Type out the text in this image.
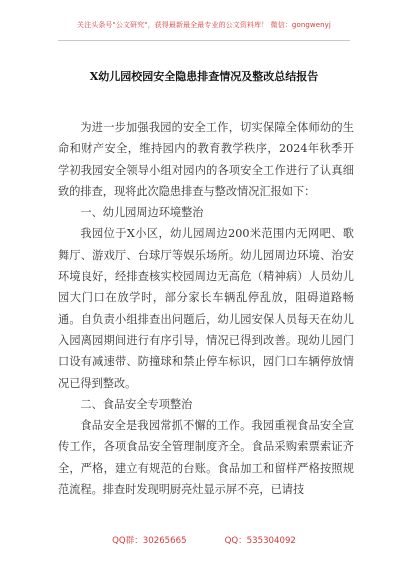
关注头条号"公文研究"，获得最新最全最专业的公文资料库！ 微信：gongwenyj
X幼儿园校园安全隐患排查情况及整改总结报告

为进一步加强我园的安全工作，切实保障全体师幼的生命和财产安全，维持园内的教育教学秩序，2024年秋季开学初我园安全领导小组对园内的各项安全工作进行了认真细致的排查，现将此次隐患排查与整改情况汇报如下：

一、幼儿园周边环境整治

我园位于X小区，幼儿园周边200米范围内无网吧、歌舞厅、游戏厅、台球厅等娱乐场所。幼儿园周边环境、治安环境良好，经排查核实校园周边无高危（精神病）人员幼儿园大门口在放学时，部分家长车辆乱停乱放，阻碍道路畅通。自负责小组排查出问题后，幼儿园安保人员每天在幼儿入园离园期间进行有序引导，情况已得到改善。现幼儿园门口设有减速带、防撞球和禁止停车标识，园门口车辆停放情况已得到整改。

二、食品安全专项整治

食品安全是我园常抓不懈的工作。我园重视食品安全宣传工作，各项食品安全管理制度齐全。食品采购索票索证齐全，严格，建立有规范的台账。食品加工和留样严格按照规范流程。排查时发现明厨亮灶显示屏不亮，已请技

QQ群：30265665	QQ：535304092
